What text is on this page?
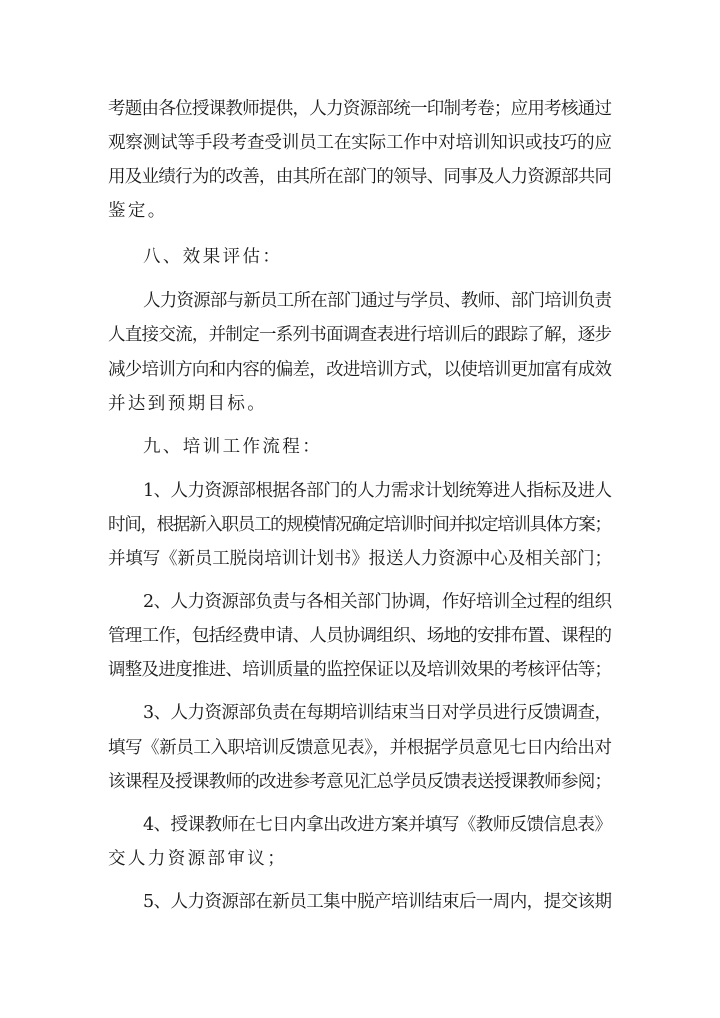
考题由各位授课教师提供，人力资源部统一印制考卷；应用考核通过
观察测试等手段考查受训员工在实际工作中对培训知识或技巧的应
用及业绩行为的改善，由其所在部门的领导、同事及人力资源部共同
鉴定。
八、效果评估：
人力资源部与新员工所在部门通过与学员、教师、部门培训负责
人直接交流，并制定一系列书面调查表进行培训后的跟踪了解，逐步
减少培训方向和内容的偏差，改进培训方式，以使培训更加富有成效
并达到预期目标。
九、培训工作流程：
1、人力资源部根据各部门的人力需求计划统筹进人指标及进人
时间，根据新入职员工的规模情况确定培训时间并拟定培训具体方案；
并填写《新员工脱岗培训计划书》报送人力资源中心及相关部门；
2、人力资源部负责与各相关部门协调，作好培训全过程的组织
管理工作，包括经费申请、人员协调组织、场地的安排布置、课程的
调整及进度推进、培训质量的监控保证以及培训效果的考核评估等；
3、人力资源部负责在每期培训结束当日对学员进行反馈调查，
填写《新员工入职培训反馈意见表》，并根据学员意见七日内给出对
该课程及授课教师的改进参考意见汇总学员反馈表送授课教师参阅；
4、授课教师在七日内拿出改进方案并填写《教师反馈信息表》
交人力资源部审议；
5、人力资源部在新员工集中脱产培训结束后一周内，提交该期
